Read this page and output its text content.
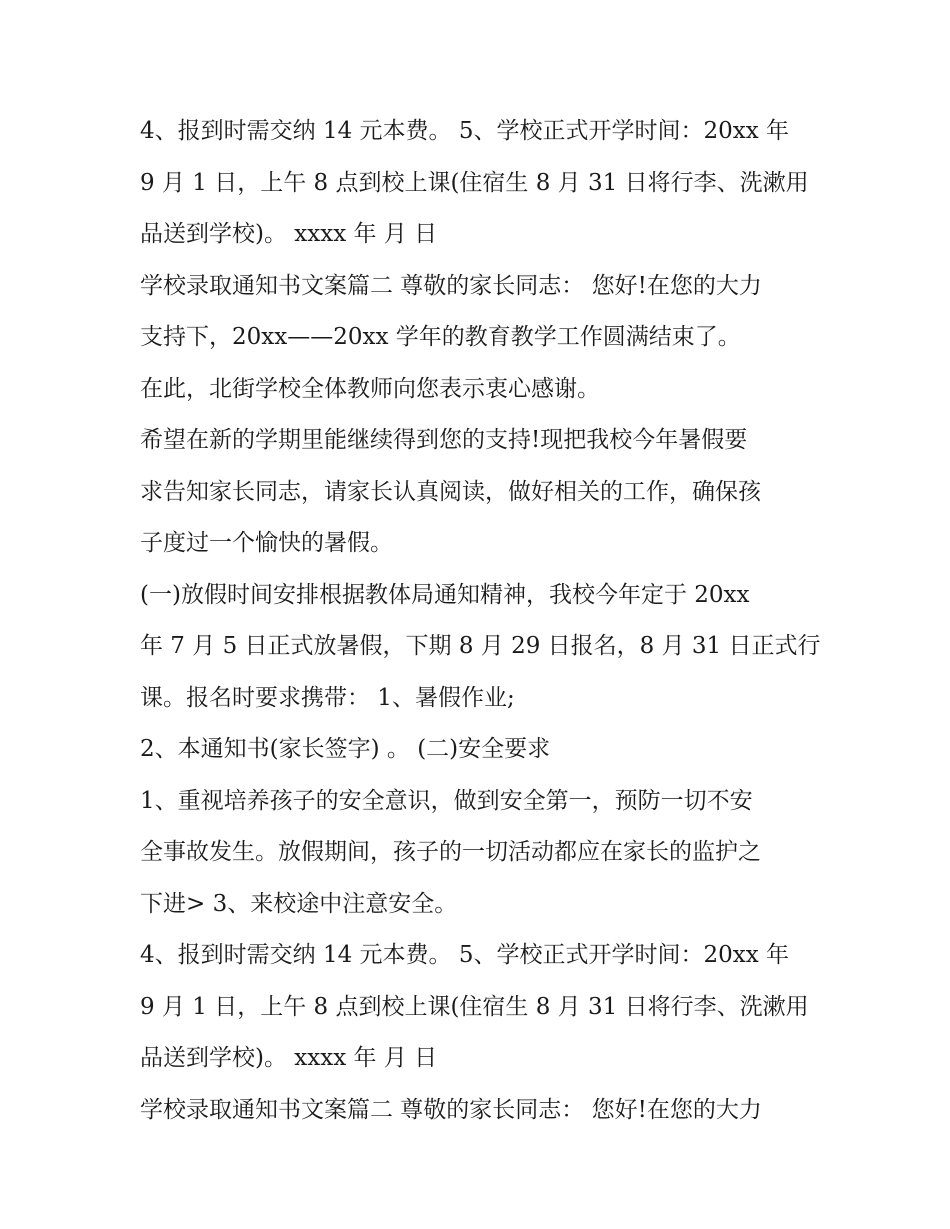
4、报到时需交纳 14 元本费。 5、学校正式开学时间：20xx 年
9 月 1 日，上午 8 点到校上课(住宿生 8 月 31 日将行李、洗漱用
品送到学校)。 xxxx 年 月 日
学校录取通知书文案篇二 尊敬的家长同志： 您好!在您的大力
支持下，20xx——20xx 学年的教育教学工作圆满结束了。
在此，北街学校全体教师向您表示衷心感谢。
希望在新的学期里能继续得到您的支持!现把我校今年暑假要
求告知家长同志，请家长认真阅读，做好相关的工作，确保孩
子度过一个愉快的暑假。
(一)放假时间安排根据教体局通知精神，我校今年定于 20xx
年 7 月 5 日正式放暑假，下期 8 月 29 日报名，8 月 31 日正式行
课。报名时要求携带： 1、暑假作业;
2、本通知书(家长签字) 。 (二)安全要求
1、重视培养孩子的安全意识，做到安全第一，预防一切不安
全事故发生。放假期间，孩子的一切活动都应在家长的监护之
下进> 3、来校途中注意安全。
4、报到时需交纳 14 元本费。 5、学校正式开学时间：20xx 年
9 月 1 日，上午 8 点到校上课(住宿生 8 月 31 日将行李、洗漱用
品送到学校)。 xxxx 年 月 日
学校录取通知书文案篇二 尊敬的家长同志： 您好!在您的大力
